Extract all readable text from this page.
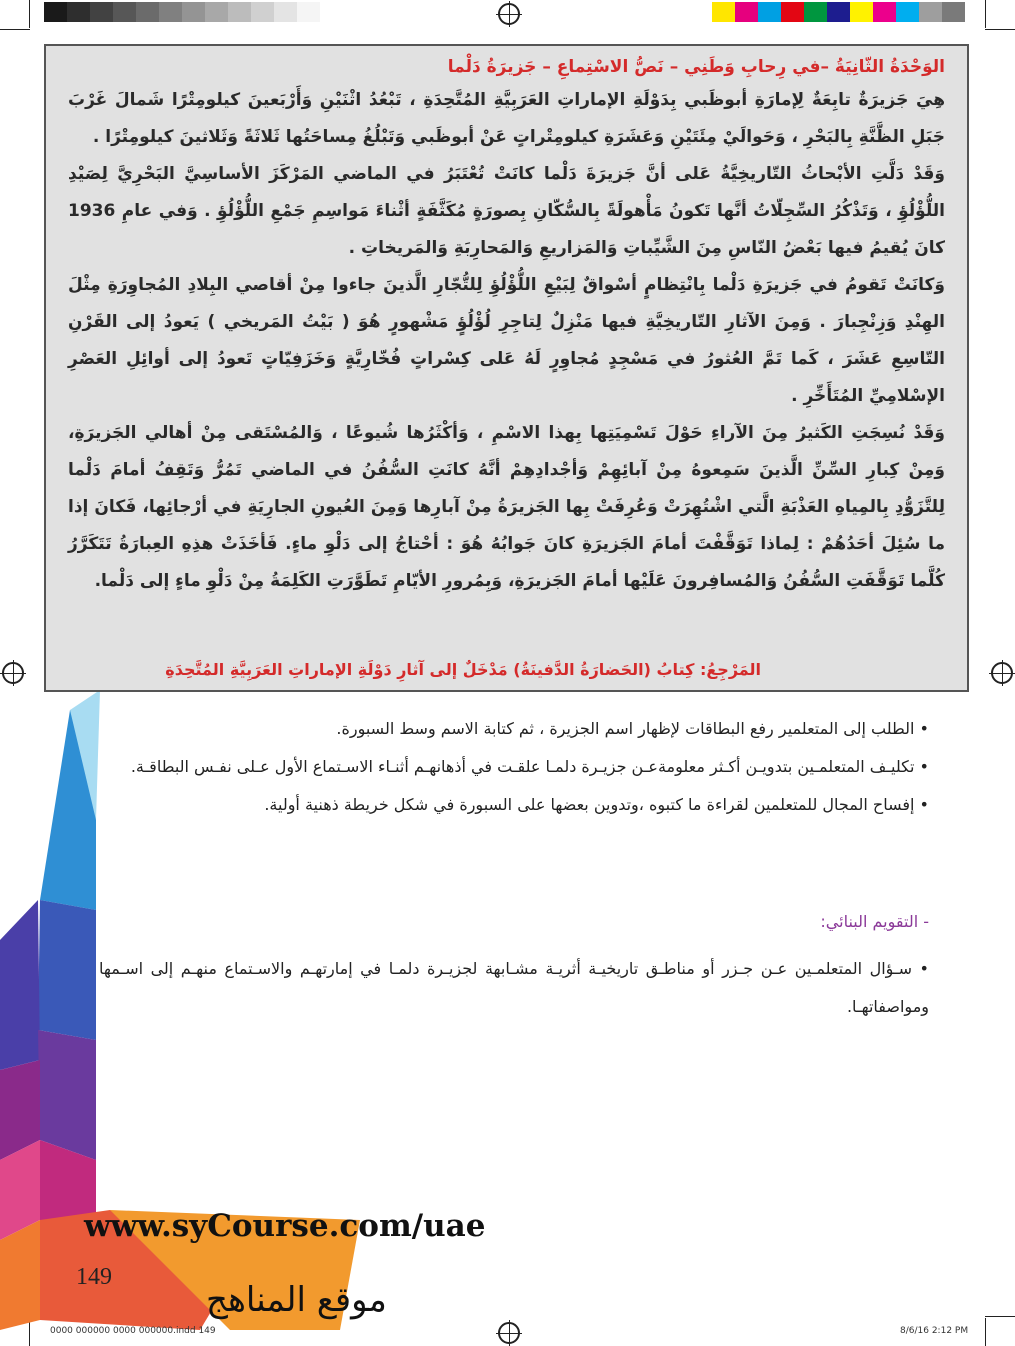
الوَحْدَةُ الثّانِيَةُ –في رِحابِ وَطَنِي – نَصُّ الاسْتِماعِ – جَزيرَةُ دَلْما

هِيَ جَزيرَةٌ تابِعَةٌ لِإمارَةِ أبوظَبي بِدَوْلَةِ الإماراتِ العَرَبِيَّةِ المُتَّحِدَةِ ، تَبْعُدُ اثْنَيْنِ وَأَرْبَعينَ كيلومِتْرًا شَمالَ غَرْبَ جَبَلِ الظَّنَّةِ بِالبَحْرِ ، وَحَوالَيْ مِئَتَيْنِ وَعَشَرَةِ كيلومِتْراتٍ عَنْ أبوظَبي وَتَبْلُغُ مِساحَتُها ثَلاثَةً وَثَلاثينَ كيلومِتْرًا .

وَقَدْ دَلَّتِ الأبْحاثُ التّاريخِيَّةُ عَلى أنَّ جَزيرَةَ دَلْما كانَتْ تُعْتَبَرُ في الماضي المَرْكَزَ الأساسِيَّ البَحْرِيَّ لِصَيْدِ اللُّؤْلُؤِ ، وَتَذْكُرُ السِّجِلّاتُ أنَّها تَكونُ مَأْهولَةً بِالسُّكّانِ بِصورَةٍ مُكَثَّفَةٍ أثْناءَ مَواسِمِ جَمْعِ اللُّؤْلُؤِ . وَفي عامِ 1936 كانَ يُقيمُ فيها بَعْضُ النّاسِ مِنَ الشَّيِّباتِ وَالمَزاريعِ وَالمَحارِبَةِ وَالمَريخاتِ .

وَكانَتْ تَقومُ في جَزيرَةِ دَلْما بِانْتِظامٍ أسْواقٌ لِبَيْعِ اللُّؤْلُؤِ لِلتُّجّارِ الَّذينَ جاءوا مِنْ أقاصي البِلادِ المُجاوِرَةِ مِثْلَ الهِنْدِ وَزِنْجِبارَ . وَمِنَ الآثارِ التّاريخِيَّةِ فيها مَنْزِلٌ لِتاجِرِ لُؤْلُؤٍ مَشْهورٍ هُوَ ( بَيْتُ المَريخي ) يَعودُ إلى القَرْنِ التّاسِعِ عَشَرَ ، كَما تَمَّ العُثورُ في مَسْجِدٍ مُجاوِرٍ لَهُ عَلى كِسْراتٍ فُخّارِيَّةٍ وَخَزَفِيّاتٍ تَعودُ إلى أوائِلِ العَصْرِ الإسْلامِيِّ المُتَأَخِّرِ .

وَقَدْ نُسِجَتِ الكَثيرُ مِنَ الآراءِ حَوْلَ تَسْمِيَتِها بِهذا الاسْمِ ، وَأكْثَرُها شُيوعًا ، وَالمُسْتَقى مِنْ أهالي الجَزيرَةِ، وَمِنْ كِبارِ السِّنِّ الَّذينَ سَمِعوهُ مِنْ آبائِهِمْ وَأجْدادِهِمْ أنَّهُ كانَتِ السُّفُنُ في الماضي تَمُرُّ وَتَقِفُ أمامَ دَلْما لِلتَّزَوُّدِ بِالمِياهِ العَذْبَةِ الَّتي اشْتُهِرَتْ وَعُرِفَتْ بِها الجَزيرَةُ مِنْ آبارِها وَمِنَ العُيونِ الجارِيَةِ في أرْجائِها، فَكانَ إذا ما سُئِلَ أحَدُهُمْ : لِماذا تَوَقَّفْتَ أمامَ الجَزيرَةِ كانَ جَوابُهُ هُوَ : أحْتاجُ إلى دَلْوِ ماءٍ. فَأخَذَتْ هذِهِ العِبارَةُ تَتَكَرَّرُ كُلَّما تَوَقَّفَتِ السُّفُنُ وَالمُسافِرونَ عَلَيْها أمامَ الجَزيرَةِ، وَبِمُرورِ الأيّامِ تَطَوَّرَتِ الكَلِمَةُ مِنْ دَلْوِ ماءٍ إلى دَلْما.

المَرْجِعُ: كِتابُ (الحَضارَةُ الدَّفينَةُ) مَدْخَلٌ إلى آثارِ دَوْلَةِ الإماراتِ العَرَبِيَّةِ المُتَّحِدَةِ

• الطلب إلى المتعلمير رفع البطاقات لإظهار اسم الجزيرة ، ثم كتابة الاسم وسط السبورة.

• تكليـف المتعلمـين بتدويـن أكـثر معلومةعـن جزيـرة دلمـا علقـت في أذهانهـم أثنـاء الاسـتماع الأول عـلى نفـس البطاقـة.

• إفساح المجال للمتعلمين لقراءة ما كتبوه ،وتدوين بعضها على السبورة في شكل خريطة ذهنية أولية.

- التقويم البنائي:

• سـؤال المتعلمـين عـن جـزر أو مناطـق تاريخيـة أثريـة مشـابهة لجزيـرة دلمـا في إمارتهـم والاسـتماع منهـم إلى اسـمها ومواصفاتهـا.

www.syCourse.com/uae
149
موقع المناهج
0000 000000 0000 000000.indd 149	8/6/16 2:12 PM
